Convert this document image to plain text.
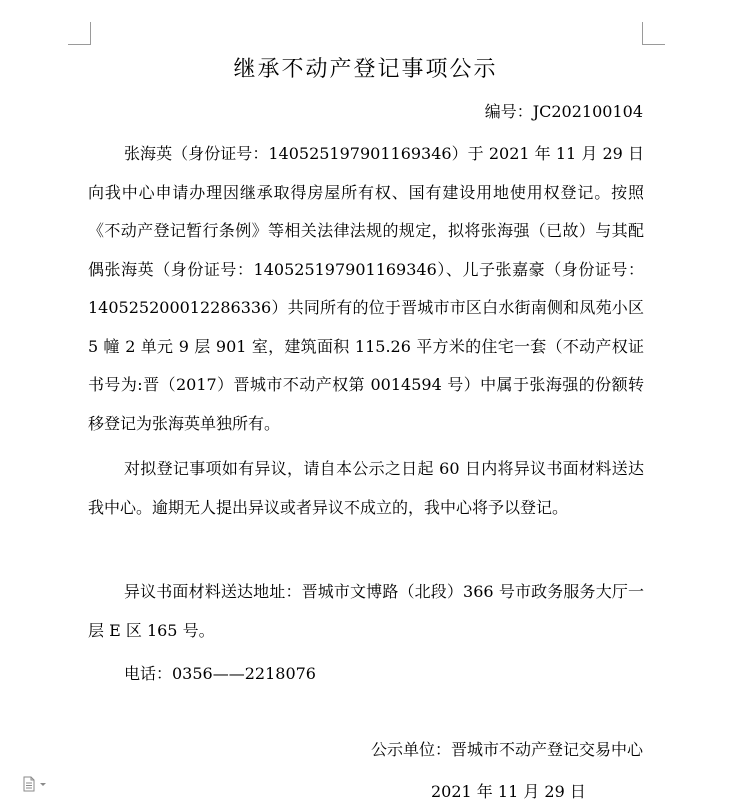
继承不动产登记事项公示
编号：JC202100104

张海英（身份证号：140525197901169346）于 2021 年 11 月 29 日向我中心申请办理因继承取得房屋所有权、国有建设用地使用权登记。按照《不动产登记暂行条例》等相关法律法规的规定，拟将张海强（已故）与其配偶张海英（身份证号：140525197901169346）、儿子张嘉豪（身份证号：140525200012286336）共同所有的位于晋城市市区白水街南侧和凤苑小区 5 幢 2 单元 9 层 901 室，建筑面积 115.26 平方米的住宅一套（不动产权证书号为:晋（2017）晋城市不动产权第 0014594 号）中属于张海强的份额转移登记为张海英单独所有。

对拟登记事项如有异议，请自本公示之日起 60 日内将异议书面材料送达我中心。逾期无人提出异议或者异议不成立的，我中心将予以登记。

异议书面材料送达地址：晋城市文博路（北段）366 号市政务服务大厅一层 E 区 165 号。

电话：0356——2218076

公示单位：晋城市不动产登记交易中心
2021 年 11 月 29 日
